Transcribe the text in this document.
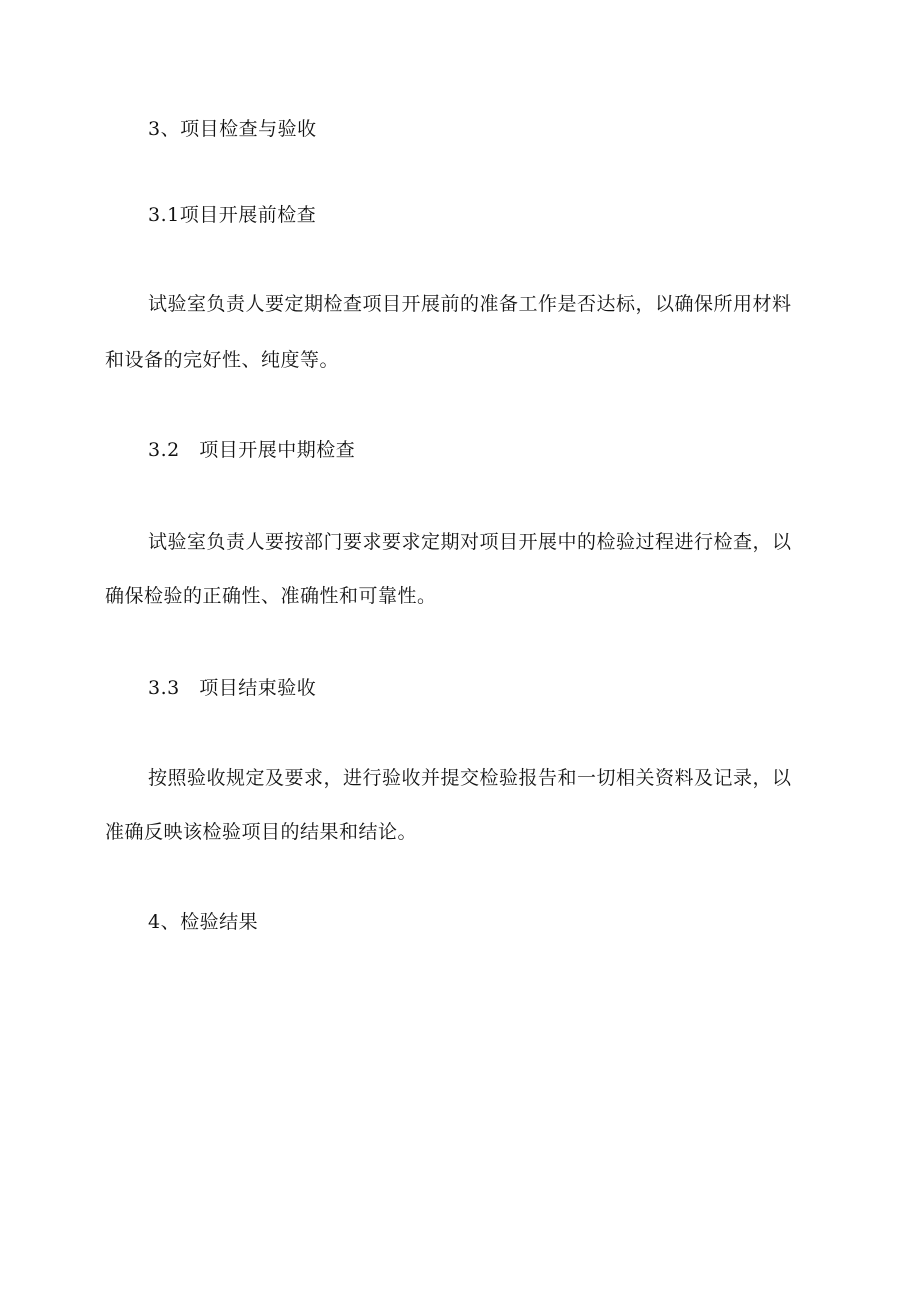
3、项目检查与验收
3.1项目开展前检查
试验室负责人要定期检查项目开展前的准备工作是否达标，以确保所用材料
和设备的完好性、纯度等。
3.2　项目开展中期检查
试验室负责人要按部门要求要求定期对项目开展中的检验过程进行检查，以
确保检验的正确性、准确性和可靠性。
3.3　项目结束验收
按照验收规定及要求，进行验收并提交检验报告和一切相关资料及记录，以
准确反映该检验项目的结果和结论。
4、检验结果
